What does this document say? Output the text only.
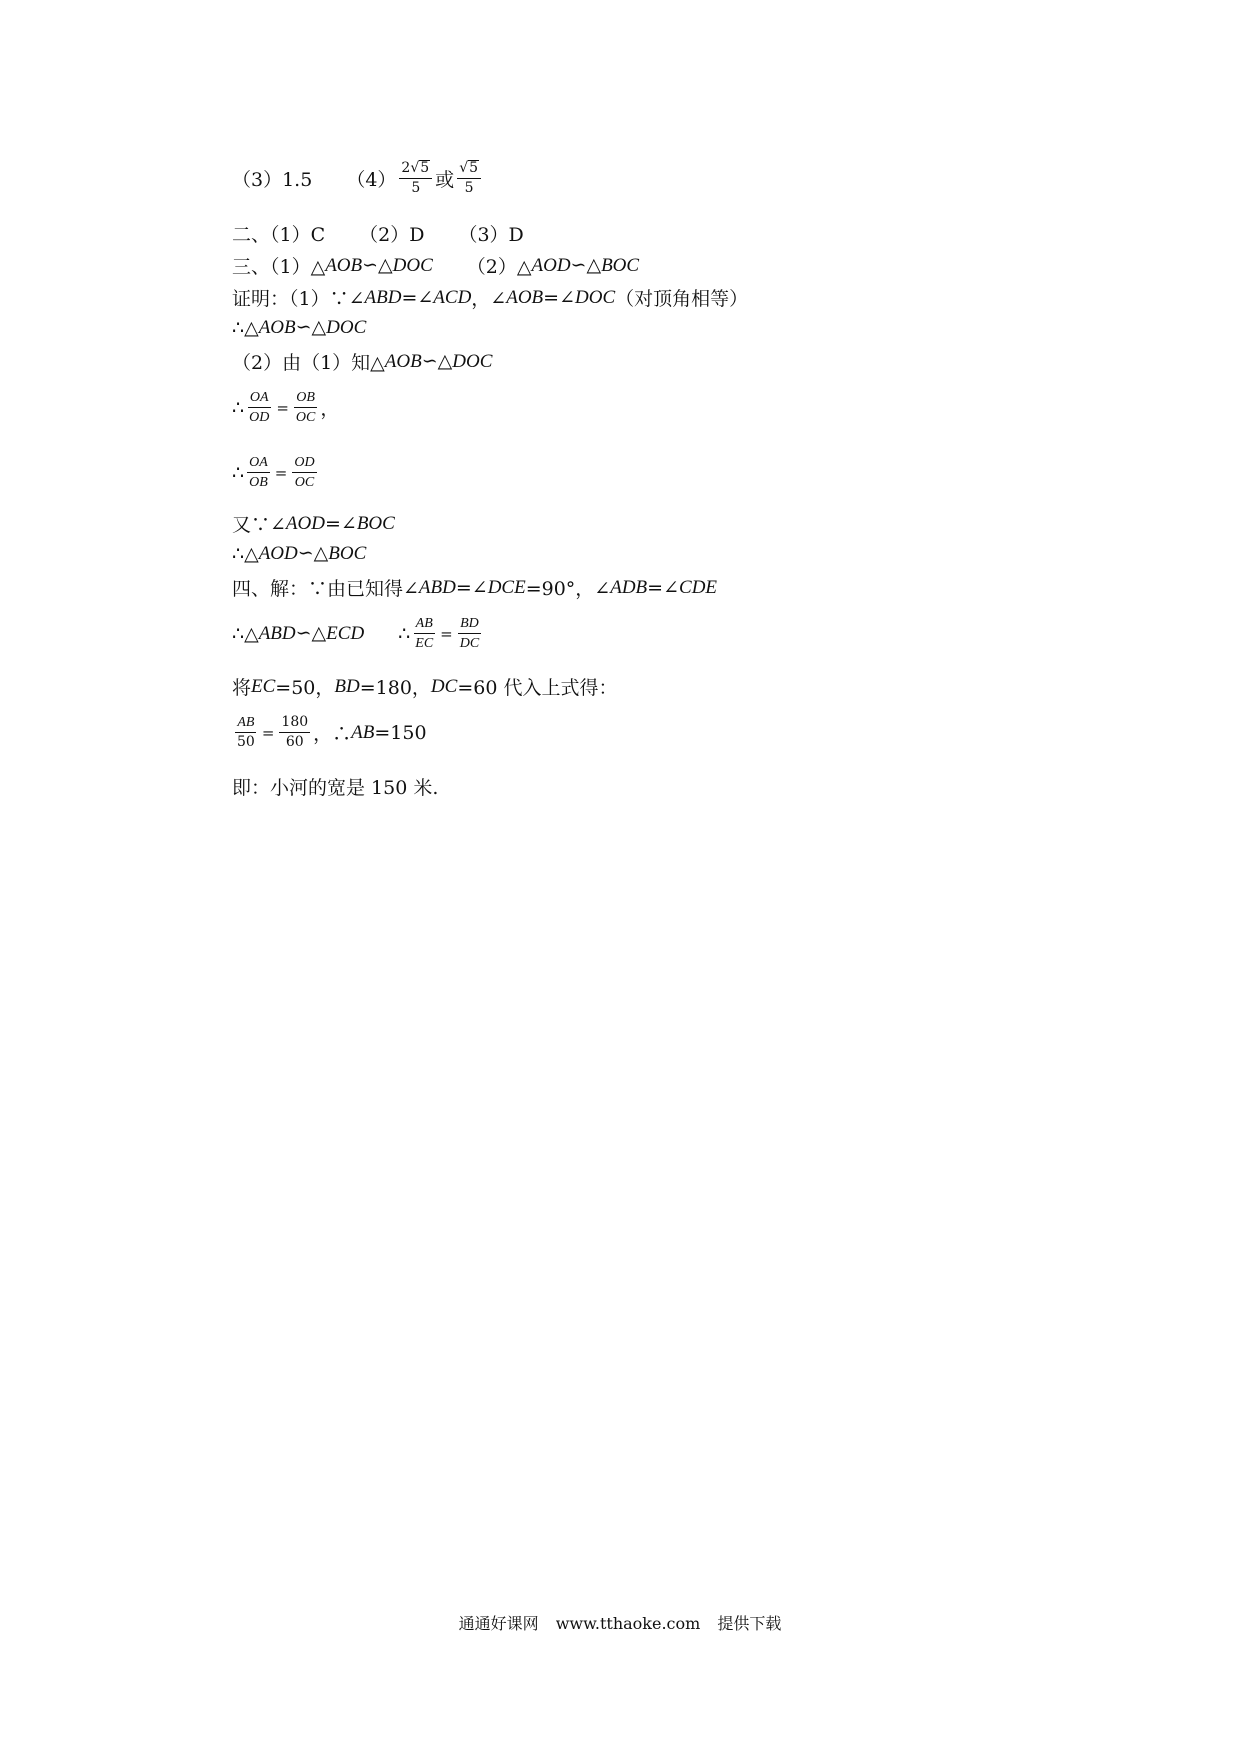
（3）1.5 $(4) \frac{2√ 5}{5}$ 或 $\frac{√ 5}{5}$
二、（1）C （2）D （3）D
三、（1）△ AOB∽△DOC （2）△ AOD∽△BOC
证明：（1）∵∠ ABD =∠ ACD ，∠ AOB =∠ DOC （对顶角相等）
∴△ AOB∽△DOC
（2）由（1）知△ AOB∽△DOC
∴ $\frac{OA}{OD} = \frac{OB}{OC}$ ，
∴ $\frac{OA}{OB} = \frac{OD}{OC}$
又∵∠ AOD =∠ BOC
∴△ AOD∽△BOC
四、解：∵由已知得∠ ABD =∠ DCE =90°，∠ ADB =∠ CDE
∴△ ABD∽△ECD ∴ $\frac{AB}{EC} = \frac{BD}{DC}$
将 EC =50， BD =180， DC =60 代入上式得：
$\frac{AB}{50} = \frac{180}{60}$ ，∴ AB =150
即：小河的宽是 150 米.
通通好课网 www.tthaoke.com 提供下载
